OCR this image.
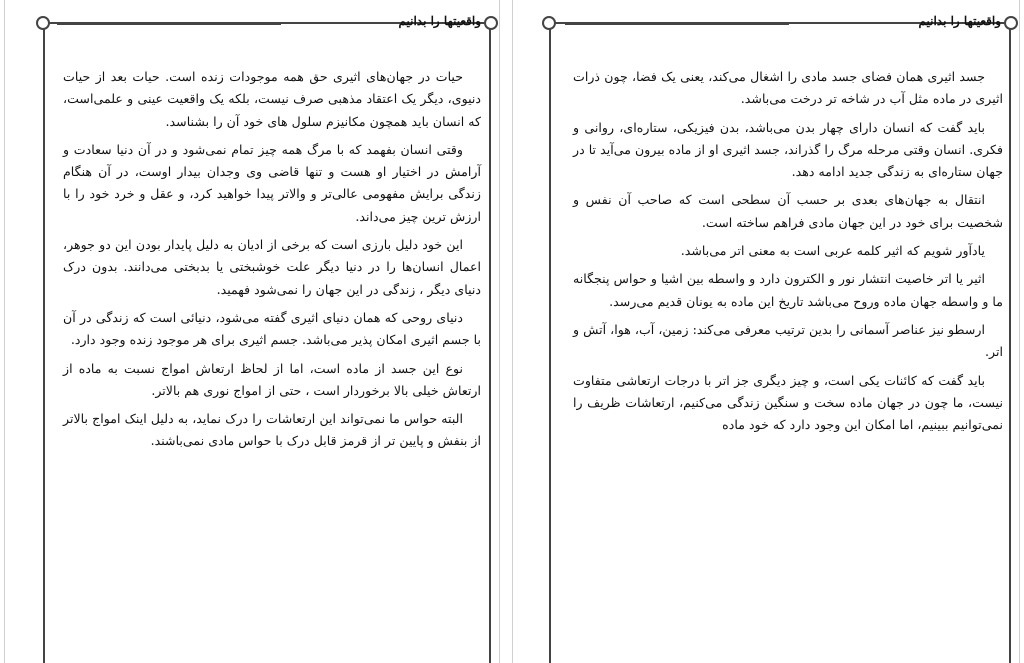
واقعیتها را بدانیم

حیات در جهان‌های اثیری حق همه موجودات زنده است. حیات بعد از حیات دنیوی، دیگر یک اعتقاد مذهبی صرف نیست، بلکه یک واقعیت عینی و علمی‌است، که انسان باید همچون مکانیزم سلول های خود آن را بشناسد.

وقتی انسان بفهمد که با مرگ همه چیز تمام نمی‌شود و در آن دنیا سعادت و آرامش در اختیار او هست و تنها قاضی وی وجدان بیدار اوست، در آن هنگام زندگی برایش مفهومی عالی‌تر و والاتر پیدا خواهید کرد، و عقل و خرد خود را با ارزش ترین چیز می‌داند.

این خود دلیل بارزی است که برخی از ادیان به دلیل پایدار بودن این دو جوهر، اعمال انسان‌ها را در دنیا دیگر علت خوشبختی یا بدبختی می‌دانند. بدون درک دنیای دیگر ، زندگی در این جهان را نمی‌شود فهمید.

دنیای روحی که همان دنیای اثیری گفته می‌شود، دنیائی است که زندگی در آن با جسم اثیری امکان پذیر می‌باشد. جسم اثیری برای هر موجود زنده وجود دارد.

نوع این جسد از ماده است، اما از لحاظ ارتعاش امواج نسبت به ماده از ارتعاش خیلی بالا برخوردار است ، حتی از امواج نوری هم بالاتر.

البته حواس ما نمی‌تواند این ارتعاشات را درک نماید، به دلیل اینک امواج بالاتر از بنفش و پایین تر از قرمز قابل درک با حواس مادی نمی‌باشند.

واقعیتها را بدانیم

جسد اثیری همان فضای جسد مادی را اشغال می‌کند، یعنی یک فضا، چون ذرات اثیری در ماده مثل آب در شاخه تر درخت می‌باشد.

باید گفت که انسان دارای چهار بدن می‌باشد، بدن فیزیکی، ستاره‌ای، روانی و فکری. انسان وقتی مرحله مرگ را گذراند، جسد اثیری او از ماده بیرون می‌آید تا در جهان ستاره‌ای به زندگی جدید ادامه دهد.

انتقال به جهان‌های بعدی بر حسب آن سطحی است که صاحب آن نفس و شخصیت برای خود در این جهان مادی فراهم ساخته است.

یادآور شویم که اثیر کلمه عربی است به معنی اتر می‌باشد.

اثیر یا اتر خاصیت انتشار نور و الکترون دارد و واسطه بین اشیا و حواس پنجگانه ما و واسطه جهان ماده وروح می‌باشد تاریخ این ماده به یونان قدیم می‌رسد.

ارسطو نیز عناصر آسمانی را بدین ترتیب معرفی می‌کند: زمین، آب، هوا، آتش و اتر.

باید گفت که کائنات یکی است، و چیز دیگری جز اتر با درجات ارتعاشی متفاوت نیست، ما چون در جهان ماده سخت و سنگین زندگی می‌کنیم، ارتعاشات ظریف را نمی‌توانیم ببینیم، اما امکان این وجود دارد که خود ماده
